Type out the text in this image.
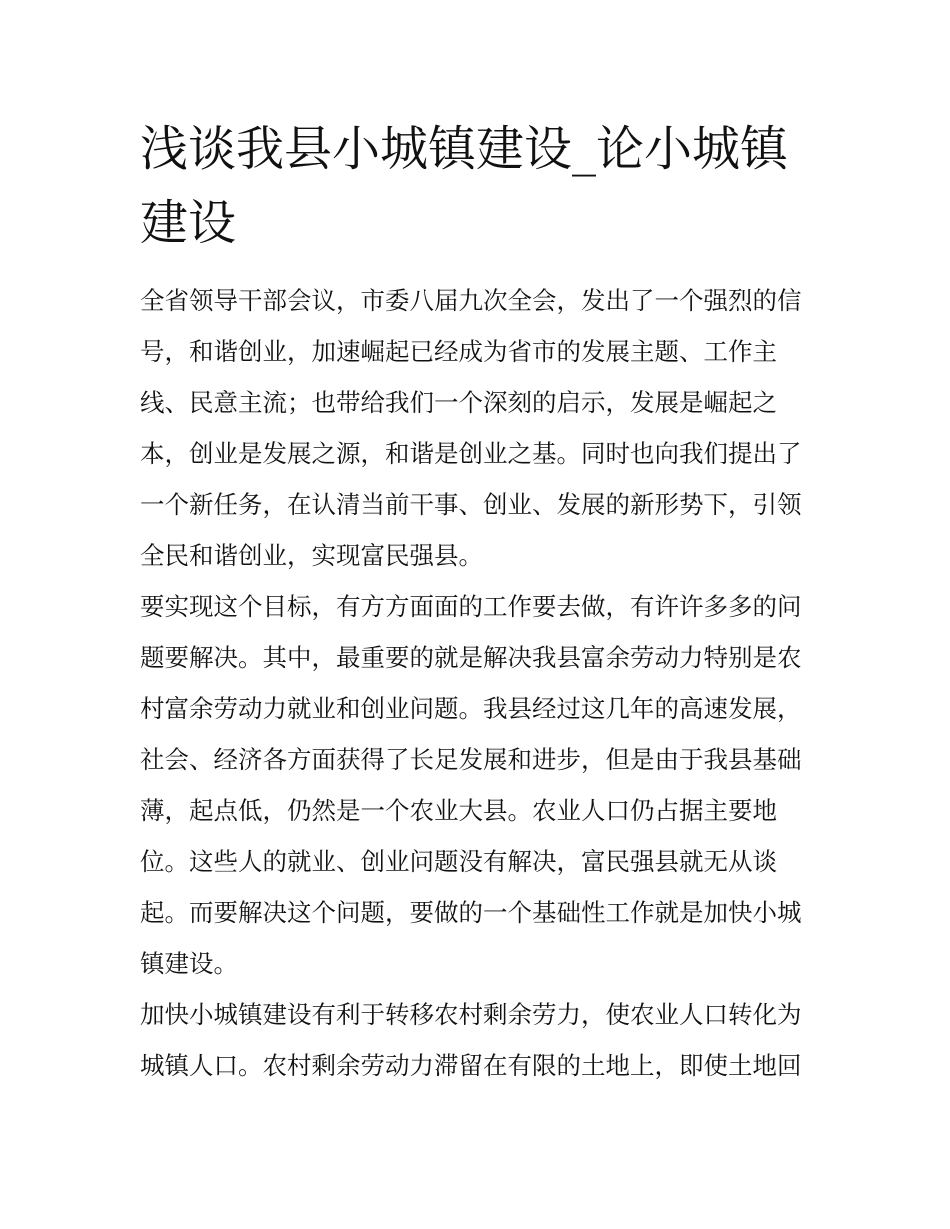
浅谈我县小城镇建设_论小城镇建设

全省领导干部会议，市委八届九次全会，发出了一个强烈的信号，和谐创业，加速崛起已经成为省市的发展主题、工作主线、民意主流；也带给我们一个深刻的启示，发展是崛起之本，创业是发展之源，和谐是创业之基。同时也向我们提出了一个新任务，在认清当前干事、创业、发展的新形势下，引领全民和谐创业，实现富民强县。

要实现这个目标，有方方面面的工作要去做，有许许多多的问题要解决。其中，最重要的就是解决我县富余劳动力特别是农村富余劳动力就业和创业问题。我县经过这几年的高速发展，社会、经济各方面获得了长足发展和进步，但是由于我县基础薄，起点低，仍然是一个农业大县。农业人口仍占据主要地位。这些人的就业、创业问题没有解决，富民强县就无从谈起。而要解决这个问题，要做的一个基础性工作就是加快小城镇建设。

加快小城镇建设有利于转移农村剩余劳力，使农业人口转化为城镇人口。农村剩余劳动力滞留在有限的土地上，即使土地回
